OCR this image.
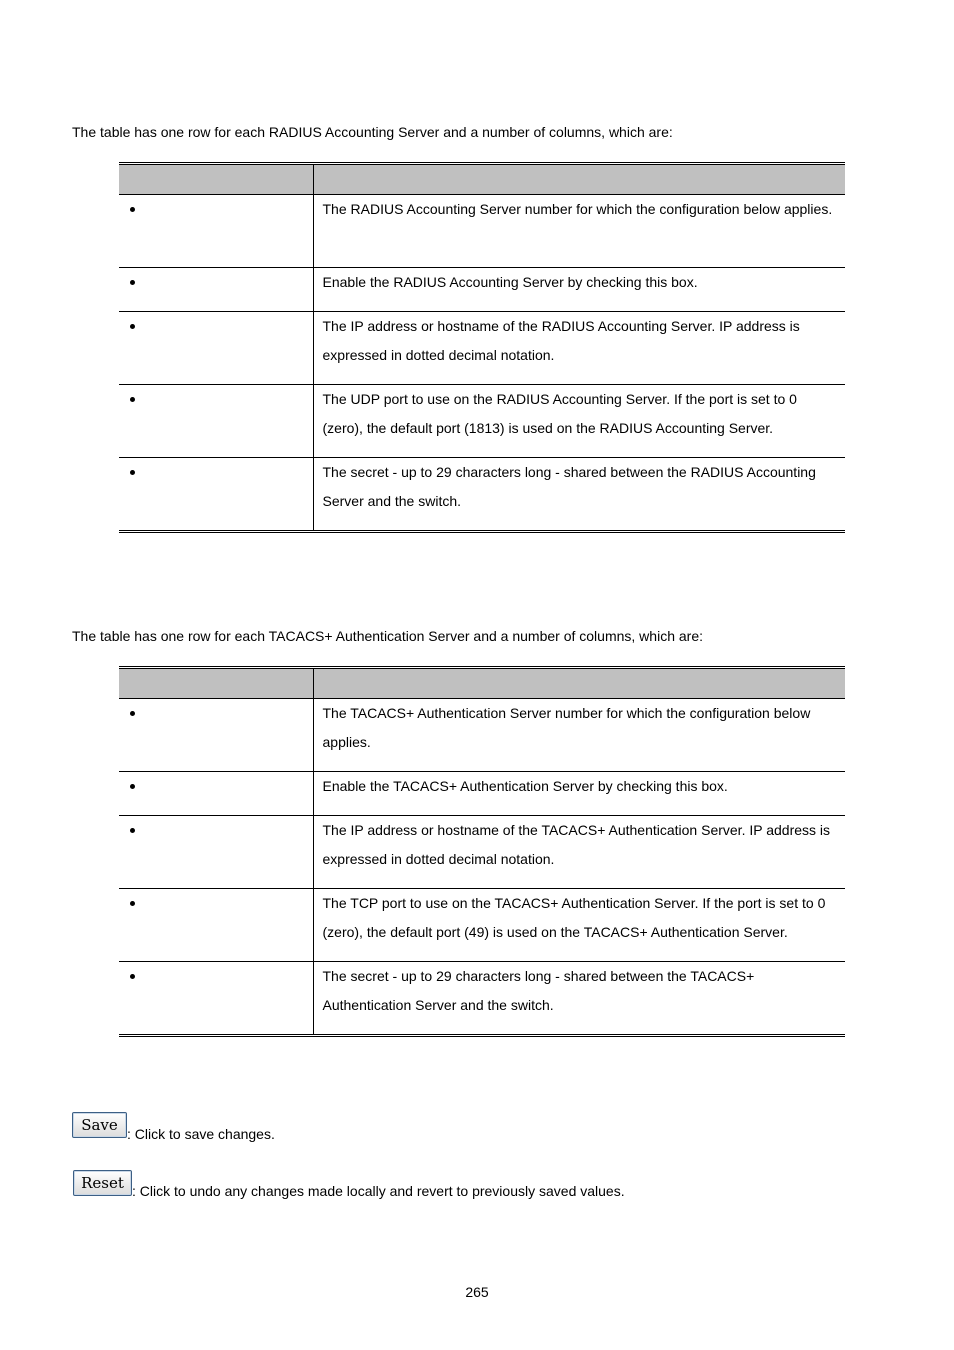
The table has one row for each RADIUS Accounting Server and a number of columns, which are:

	The RADIUS Accounting Server number for which the configuration below applies.

	Enable the RADIUS Accounting Server by checking this box.

	The IP address or hostname of the RADIUS Accounting Server. IP address is expressed in dotted decimal notation.

	The UDP port to use on the RADIUS Accounting Server. If the port is set to 0 (zero), the default port (1813) is used on the RADIUS Accounting Server.

	The secret - up to 29 characters long - shared between the RADIUS Accounting Server and the switch.

The table has one row for each TACACS+ Authentication Server and a number of columns, which are:

	The TACACS+ Authentication Server number for which the configuration below applies.

	Enable the TACACS+ Authentication Server by checking this box.

	The IP address or hostname of the TACACS+ Authentication Server. IP address is expressed in dotted decimal notation.

	The TCP port to use on the TACACS+ Authentication Server. If the port is set to 0 (zero), the default port (49) is used on the TACACS+ Authentication Server.

	The secret - up to 29 characters long - shared between the TACACS+ Authentication Server and the switch.
Save : Click to save changes.
Reset : Click to undo any changes made locally and revert to previously saved values.
265
